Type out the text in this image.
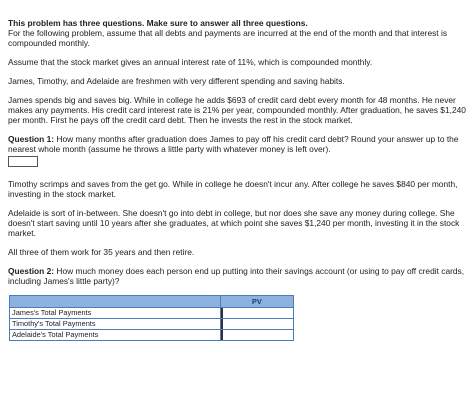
This problem has three questions. Make sure to answer all three questions.

For the following problem, assume that all debts and payments are incurred at the end of the month and that interest is compounded monthly.

Assume that the stock market gives an annual interest rate of 11%, which is compounded monthly.

James, Timothy, and Adelaide are freshmen with very different spending and saving habits.

James spends big and saves big. While in college he adds $693 of credit card debt every month for 48 months. He never makes any payments. His credit card interest rate is 21% per year, compounded monthly. After graduation, he saves $1,240 per month. First he pays off the credit card debt. Then he invests the rest in the stock market.

Question 1: How many months after graduation does James to pay off his credit card debt? Round your answer up to the nearest whole month (assume he throws a little party with whatever money is left over).

Timothy scrimps and saves from the get go. While in college he doesn't incur any. After college he saves $840 per month, investing in the stock market.

Adelaide is sort of in-between. She doesn't go into debt in college, but nor does she save any money during college. She doesn't start saving until 10 years after she graduates, at which point she saves $1,240 per month, investing it in the stock market.

All three of them work for 35 years and then retire.

Question 2: How much money does each person end up putting into their savings account (or using to pay off credit cards, including James's little party)?

	PV
James's Total Payments	
Timothy's Total Payments	
Adelaide's Total Payments	
